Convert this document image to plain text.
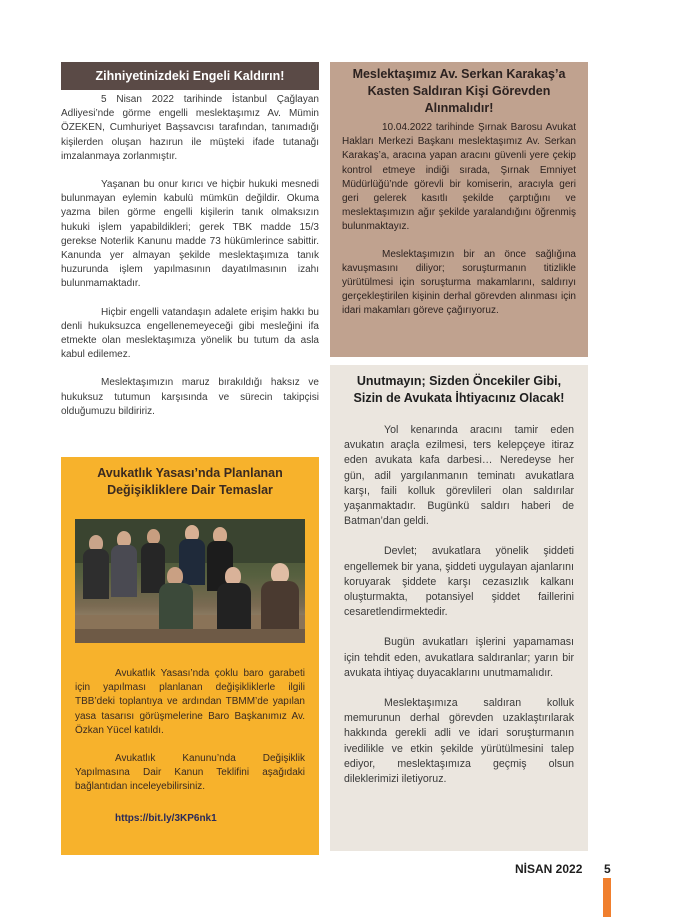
Zihniyetinizdeki Engeli Kaldırın!

5 Nisan 2022 tarihinde İstanbul Çağlayan Adliyesi’nde görme engelli meslektaşımız Av. Mümin ÖZEKEN, Cumhuriyet Başsavcısı tarafından, tanımadığı kişilerden oluşan hazırun ile müşteki ifade tutanağı imzalanmaya zorlanmıştır.

Yaşanan bu onur kırıcı ve hiçbir hukuki mesnedi bulunmayan eylemin kabulü mümkün değildir. Okuma yazma bilen görme engelli kişilerin tanık olmaksızın hukuki işlem yapabildikleri; gerek TBK madde 15/3 gerekse Noterlik Kanunu madde 73 hükümlerince sabittir. Kanunda yer almayan şekilde meslektaşımıza tanık huzurunda işlem yapılmasının dayatılmasının izahı bulunmamaktadır.

Hiçbir engelli vatandaşın adalete erişim hakkı bu denli hukuksuzca engellenemeyeceği gibi mesleğini ifa etmekte olan meslektaşımıza yönelik bu tutum da asla kabul edilemez.

Meslektaşımızın maruz bırakıldığı haksız ve hukuksuz tutumun karşısında ve sürecin takipçisi olduğumuzu bildiririz.

Avukatlık Yasası’nda Planlanan Değişikliklere Dair Temaslar

Avukatlık Yasası’nda çoklu baro garabeti için yapılması planlanan değişikliklerle ilgili TBB’deki toplantıya ve ardından TBMM’de yapılan yasa tasarısı görüşmelerine Baro Başkanımız Av. Özkan Yücel katıldı.

Avukatlık Kanunu’nda Değişiklik Yapılmasına Dair Kanun Teklifini aşağıdaki bağlantıdan inceleyebilirsiniz.

https://bit.ly/3KP6nk1
Meslektaşımız Av. Serkan Karakaş’a Kasten Saldıran Kişi Görevden Alınmalıdır!

10.04.2022 tarihinde Şırnak Barosu Avukat Hakları Merkezi Başkanı meslektaşımız Av. Serkan Karakaş’a, aracına yapan aracını güvenli yere çekip kontrol etmeye indiği sırada, Şırnak Emniyet Müdürlüğü’nde görevli bir komiserin, aracıyla geri geri gelerek kasıtlı şekilde çarptığını ve meslektaşımızın ağır şekilde yaralandığını öğrenmiş bulunmaktayız.

Meslektaşımızın bir an önce sağlığına kavuşmasını diliyor; soruşturmanın titizlikle yürütülmesi için soruşturma makamlarını, saldırıyı gerçekleştirilen kişinin derhal görevden alınması için idari makamları göreve çağırıyoruz.

Unutmayın; Sizden Öncekiler Gibi, Sizin de Avukata İhtiyacınız Olacak!

Yol kenarında aracını tamir eden avukatın araçla ezilmesi, ters kelepçeye itiraz eden avukata kafa darbesi… Neredeyse her gün, adil yargılanmanın teminatı avukatlara karşı, faili kolluk görevlileri olan saldırılar yaşanmaktadır. Bugünkü saldırı haberi de Batman’dan geldi.

Devlet; avukatlara yönelik şiddeti engellemek bir yana, şiddeti uygulayan ajanlarını koruyarak şiddete karşı cezasızlık kalkanı oluşturmakta, potansiyel şiddet faillerini cesaretlendirmektedir.

Bugün avukatları işlerini yapamaması için tehdit eden, avukatlara saldıranlar; yarın bir avukata ihtiyaç duyacaklarını unutmamalıdır.

Meslektaşımıza saldıran kolluk memurunun derhal görevden uzaklaştırılarak hakkında gerekli adli ve idari soruşturmanın ivedilikle ve etkin şekilde yürütülmesini talep ediyor, meslektaşımıza geçmiş olsun dileklerimizi iletiyoruz.

NİSAN 2022 5
